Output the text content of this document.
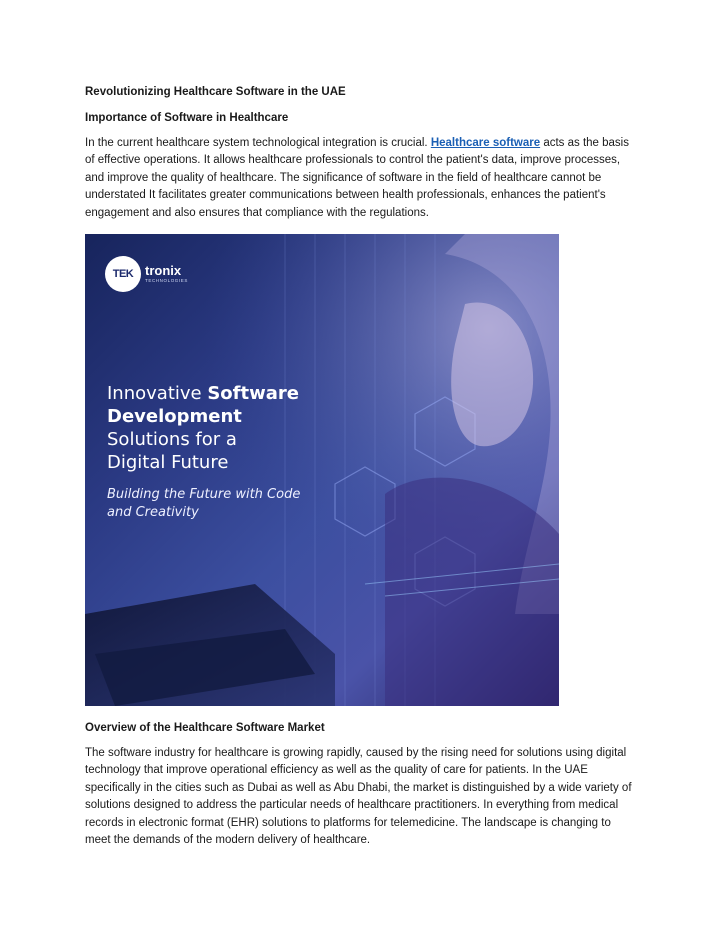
Revolutionizing Healthcare Software in the UAE

Importance of Software in Healthcare

In the current healthcare system technological integration is crucial. Healthcare software acts as the basis of effective operations. It allows healthcare professionals to control the patient's data, improve processes, and improve the quality of healthcare. The significance of software in the field of healthcare cannot be understated It facilitates greater communications between health professionals, enhances the patient's engagement and also ensures that compliance with the regulations.

TEK tronix
TECHNOLOGIES
Innovative Software
Development
Solutions for a
Digital Future
Building the Future with Code
and Creativity

Overview of the Healthcare Software Market

The software industry for healthcare is growing rapidly, caused by the rising need for solutions using digital technology that improve operational efficiency as well as the quality of care for patients. In the UAE specifically in the cities such as Dubai as well as Abu Dhabi, the market is distinguished by a wide variety of solutions designed to address the particular needs of healthcare practitioners. In everything from medical records in electronic format (EHR) solutions to platforms for telemedicine. The landscape is changing to meet the demands of the modern delivery of healthcare.
